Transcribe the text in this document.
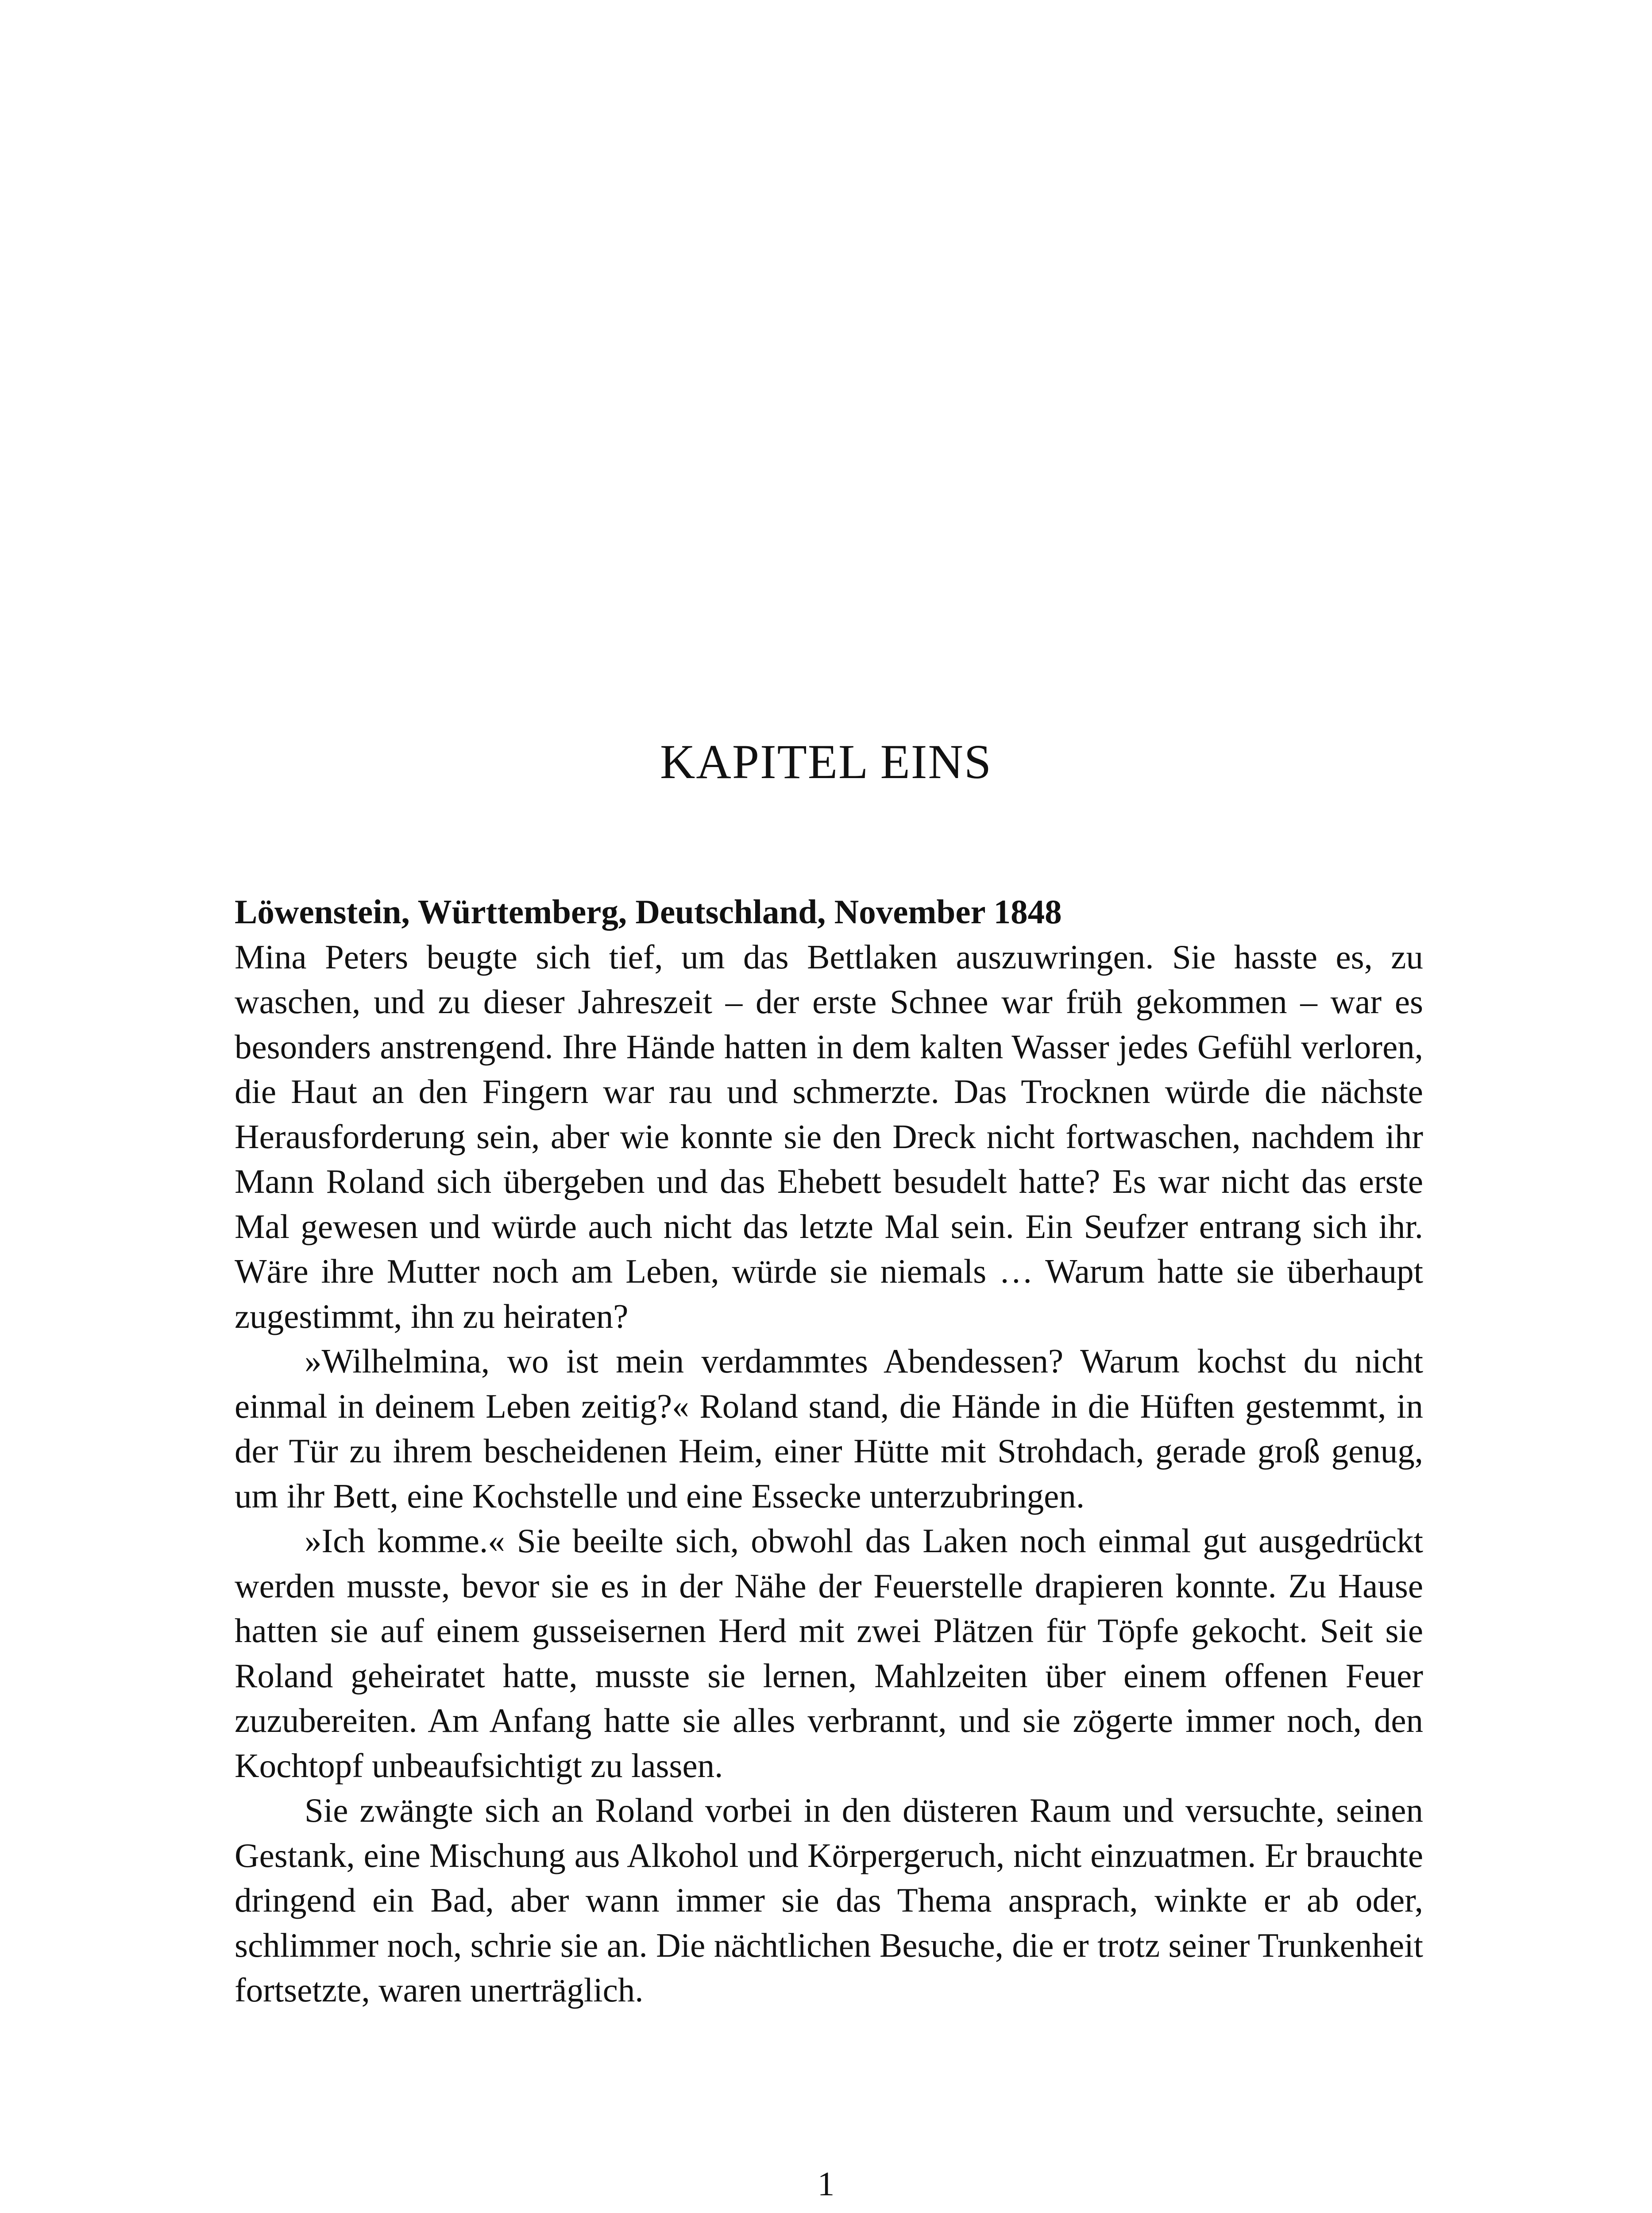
KAPITEL EINS

Löwenstein, Württemberg, Deutschland, November 1848

Mina Peters beugte sich tief, um das Bettlaken auszuwringen. Sie hasste es, zu waschen, und zu dieser Jahreszeit – der erste Schnee war früh gekommen – war es besonders anstrengend. Ihre Hände hatten in dem kalten Wasser jedes Gefühl verloren, die Haut an den Fingern war rau und schmerzte. Das Trocknen würde die nächste Herausforderung sein, aber wie konnte sie den Dreck nicht fortwaschen, nachdem ihr Mann Roland sich übergeben und das Ehebett besudelt hatte? Es war nicht das erste Mal gewesen und würde auch nicht das letzte Mal sein. Ein Seufzer entrang sich ihr. Wäre ihre Mutter noch am Leben, würde sie niemals … Warum hatte sie überhaupt zugestimmt, ihn zu heiraten?

»Wilhelmina, wo ist mein verdammtes Abendessen? Warum kochst du nicht einmal in deinem Leben zeitig?« Roland stand, die Hände in die Hüften gestemmt, in der Tür zu ihrem bescheidenen Heim, einer Hütte mit Strohdach, gerade groß genug, um ihr Bett, eine Kochstelle und eine Essecke unterzubringen.

»Ich komme.« Sie beeilte sich, obwohl das Laken noch einmal gut ausgedrückt werden musste, bevor sie es in der Nähe der Feuerstelle drapieren konnte. Zu Hause hatten sie auf einem gusseisernen Herd mit zwei Plätzen für Töpfe gekocht. Seit sie Roland geheiratet hatte, musste sie lernen, Mahlzeiten über einem offenen Feuer zuzubereiten. Am Anfang hatte sie alles verbrannt, und sie zögerte immer noch, den Kochtopf unbeaufsichtigt zu lassen.

Sie zwängte sich an Roland vorbei in den düsteren Raum und versuchte, seinen Gestank, eine Mischung aus Alkohol und Körpergeruch, nicht einzuatmen. Er brauchte dringend ein Bad, aber wann immer sie das Thema ansprach, winkte er ab oder, schlimmer noch, schrie sie an. Die nächtlichen Besuche, die er trotz seiner Trunkenheit fortsetzte, waren unerträglich.

1
